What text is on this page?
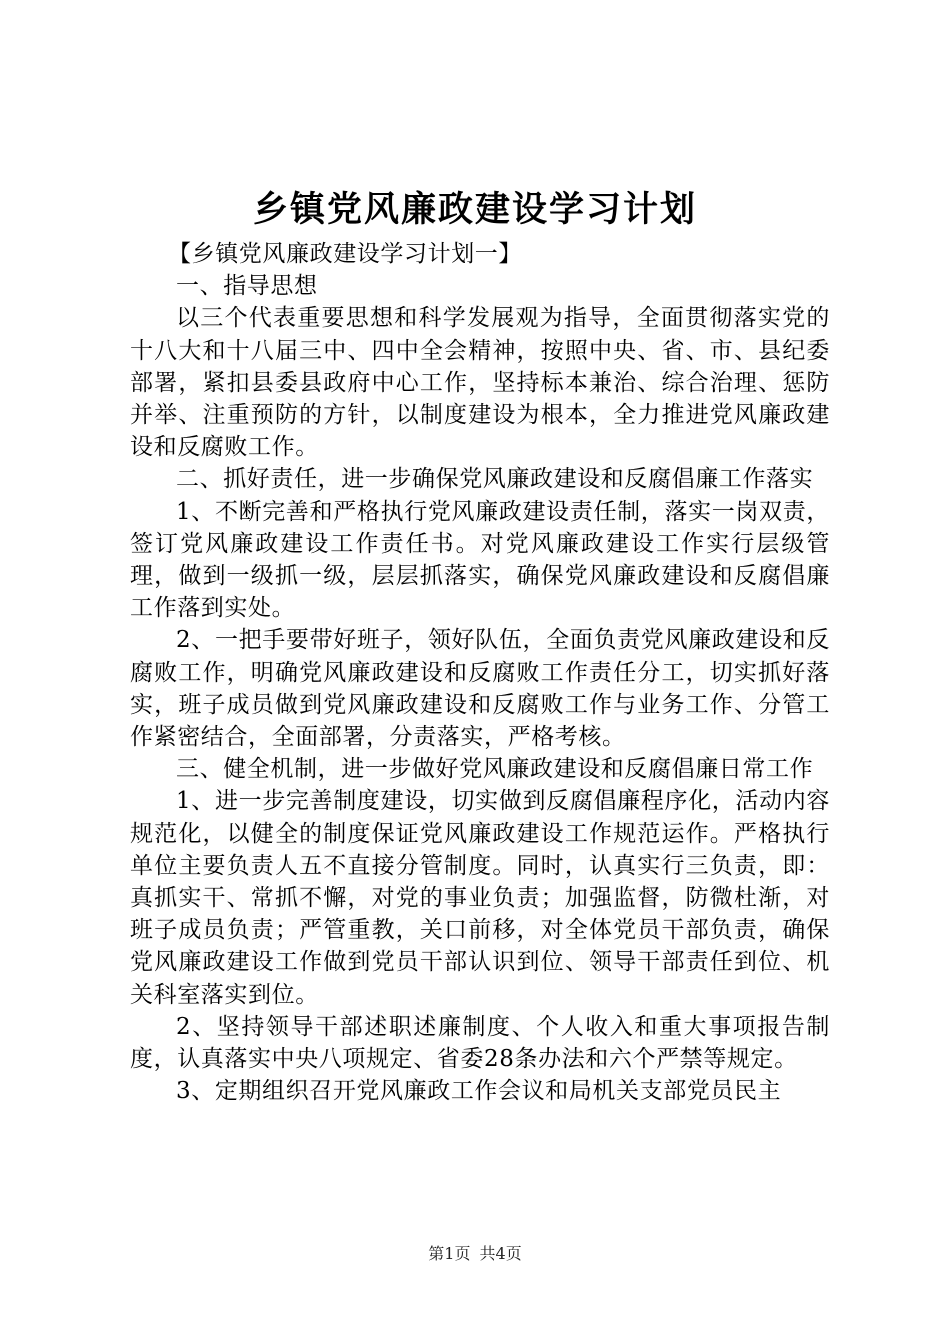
乡镇党风廉政建设学习计划

【乡镇党风廉政建设学习计划一】

一、指导思想

以三个代表重要思想和科学发展观为指导，全面贯彻落实党的十八大和十八届三中、四中全会精神，按照中央、省、市、县纪委部署，紧扣县委县政府中心工作，坚持标本兼治、综合治理、惩防并举、注重预防的方针，以制度建设为根本，全力推进党风廉政建设和反腐败工作。

二、抓好责任，进一步确保党风廉政建设和反腐倡廉工作落实

1、不断完善和严格执行党风廉政建设责任制，落实一岗双责，签订党风廉政建设工作责任书。对党风廉政建设工作实行层级管理，做到一级抓一级，层层抓落实，确保党风廉政建设和反腐倡廉工作落到实处。

2、一把手要带好班子，领好队伍，全面负责党风廉政建设和反腐败工作，明确党风廉政建设和反腐败工作责任分工，切实抓好落实，班子成员做到党风廉政建设和反腐败工作与业务工作、分管工作紧密结合，全面部署，分责落实，严格考核。

三、健全机制，进一步做好党风廉政建设和反腐倡廉日常工作

1、进一步完善制度建设，切实做到反腐倡廉程序化，活动内容规范化，以健全的制度保证党风廉政建设工作规范运作。严格执行单位主要负责人五不直接分管制度。同时，认真实行三负责，即：真抓实干、常抓不懈，对党的事业负责；加强监督，防微杜渐，对班子成员负责；严管重教，关口前移，对全体党员干部负责，确保党风廉政建设工作做到党员干部认识到位、领导干部责任到位、机关科室落实到位。

2、坚持领导干部述职述廉制度、个人收入和重大事项报告制度，认真落实中央八项规定、省委28条办法和六个严禁等规定。

3、定期组织召开党风廉政工作会议和局机关支部党员民主

第1页 共4页
